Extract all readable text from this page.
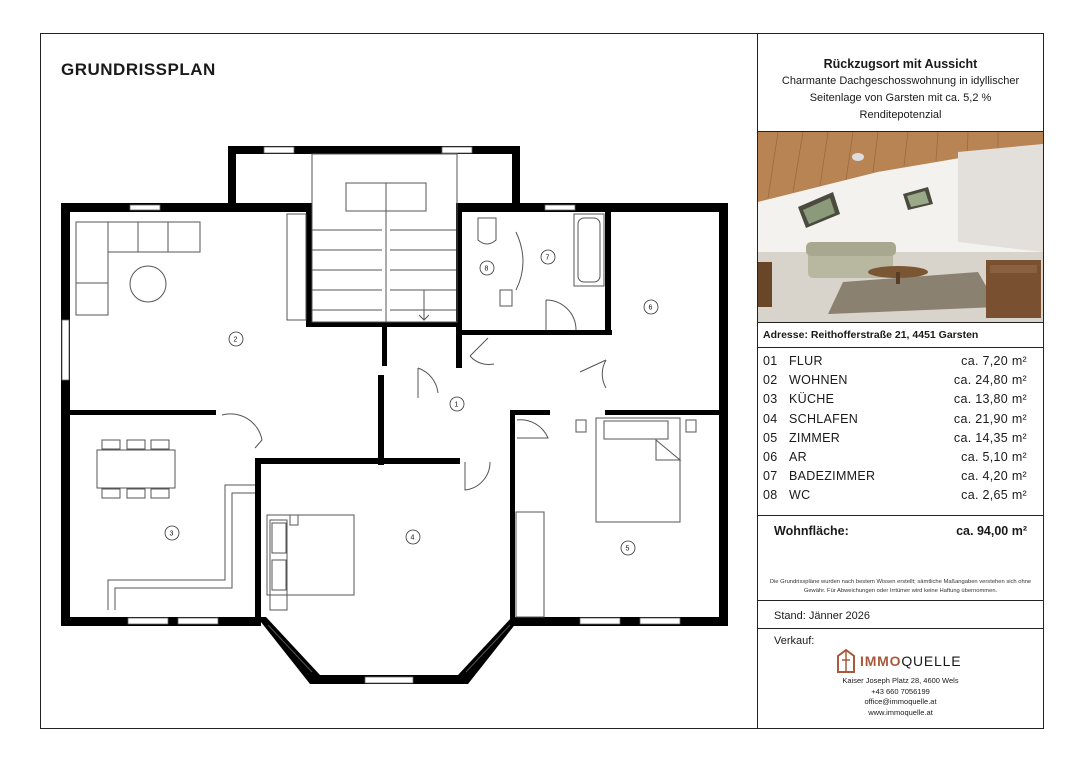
GRUNDRISSPLAN
1
2
3
4
5
6
7
8
Rückzugsort mit Aussicht
Charmante Dachgeschosswohnung in idyllischer Seitenlage von Garsten mit ca. 5,2 % Renditepotenzial
Adresse: Reithofferstraße 21, 4451 Garsten
01 FLUR	ca. 7,20 m²
02 WOHNEN	ca. 24,80 m²
03 KÜCHE	ca. 13,80 m²
04 SCHLAFEN	ca. 21,90 m²
05 ZIMMER	ca. 14,35 m²
06 AR	ca. 5,10 m²
07 BADEZIMMER	ca. 4,20 m²
08 WC	ca. 2,65 m²
Wohnfläche:	ca. 94,00 m²
Die Grundrisspläne wurden nach bestem Wissen erstellt; sämtliche Maßangaben verstehen sich ohne Gewähr. Für Abweichungen oder Irrtümer wird keine Haftung übernommen.
Stand: Jänner 2026
Verkauf:
IMMOQUELLE
Kaiser Joseph Platz 28, 4600 Wels
+43 660 7056199
office@immoquelle.at
www.immoquelle.at
